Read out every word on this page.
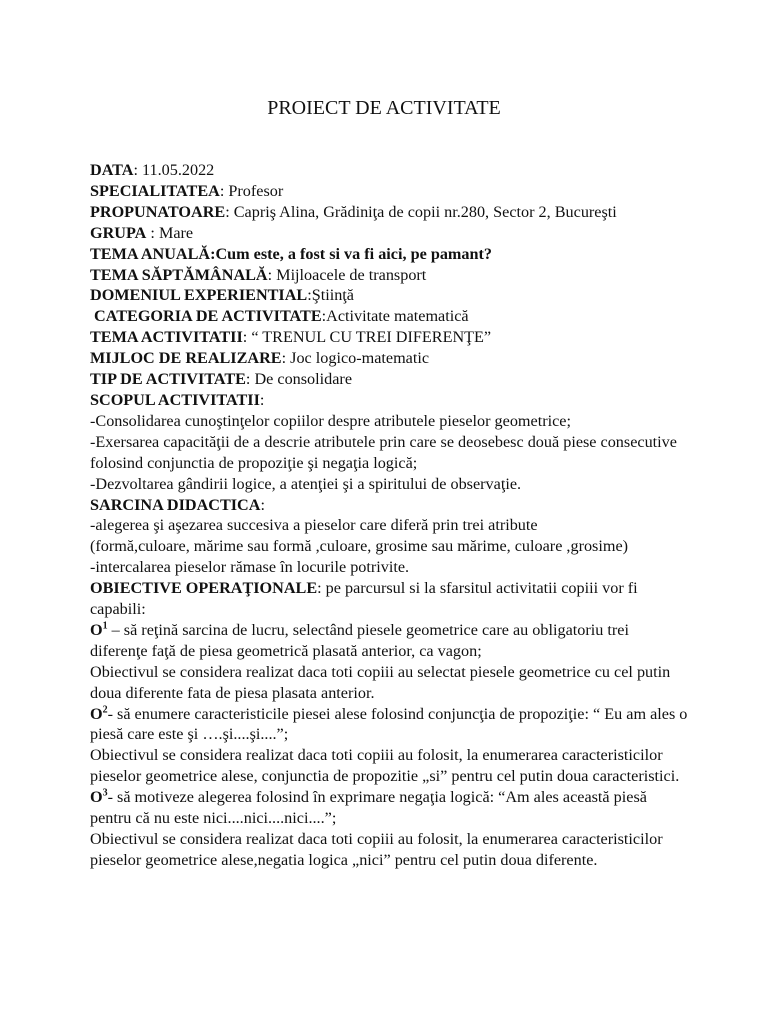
PROIECT DE ACTIVITATE
DATA: 11.05.2022
SPECIALITATEA: Profesor
PROPUNATOARE: Capriş Alina, Grădiniţa de copii nr.280, Sector 2, Bucureşti
GRUPA : Mare
TEMA ANUALĂ:Cum este, a fost si va fi aici, pe pamant?
TEMA SĂPTĂMÂNALĂ: Mijloacele de transport
DOMENIUL EXPERIENTIAL:Ştiinţă
CATEGORIA DE ACTIVITATE:Activitate matematică
TEMA ACTIVITATII: “ TRENUL CU TREI DIFERENŢE”
MIJLOC DE REALIZARE: Joc logico-matematic
TIP DE ACTIVITATE: De consolidare
SCOPUL ACTIVITATII:
-Consolidarea cunoştinţelor copiilor despre atributele pieselor geometrice;
-Exersarea capacităţii de a descrie atributele prin care se deosebesc două piese consecutive folosind conjunctia de propoziţie şi negaţia logică;
-Dezvoltarea gândirii logice, a atenţiei şi a spiritului de observaţie.
SARCINA DIDACTICA:
-alegerea şi aşezarea succesiva a pieselor care diferă prin trei atribute
(formă,culoare, mărime sau formă ,culoare, grosime sau mărime, culoare ,grosime)
-intercalarea pieselor rămase în locurile potrivite.
OBIECTIVE OPERAŢIONALE: pe parcursul si la sfarsitul activitatii copiii vor fi capabili:
$O^1$ – să reţină sarcina de lucru, selectând piesele geometrice care au obligatoriu trei diferenţe faţă de piesa geometrică plasată anterior, ca vagon;
Obiectivul se considera realizat daca toti copiii au selectat piesele geometrice cu cel putin doua diferente fata de piesa plasata anterior.
$O^2-$ să enumere caracteristicile piesei alese folosind conjuncţia de propoziţie: “ Eu am ales o piesă care este şi ….şi....şi....”;
Obiectivul se considera realizat daca toti copiii au folosit, la enumerarea caracteristicilor pieselor geometrice alese, conjunctia de propozitie „si” pentru cel putin doua caracteristici.
$O^3-$ să motiveze alegerea folosind în exprimare negaţia logică: “Am ales această piesă pentru că nu este nici....nici....nici....”;
Obiectivul se considera realizat daca toti copiii au folosit, la enumerarea caracteristicilor pieselor geometrice alese,negatia logica „nici” pentru cel putin doua diferente.
